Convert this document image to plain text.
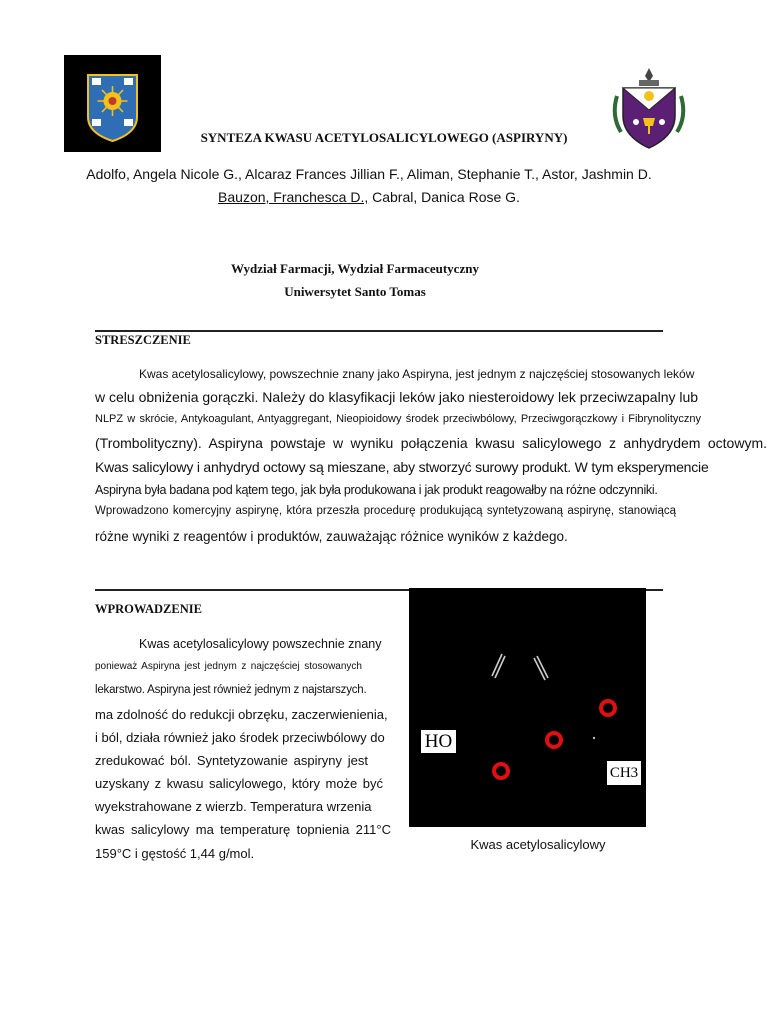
SYNTEZA KWASU ACETYLOSALICYLOWEGO (ASPIRYNY)
Adolfo, Angela Nicole G., Alcaraz Frances Jillian F., Aliman, Stephanie T., Astor, Jashmin D.
Bauzon, Franchesca D., Cabral, Danica Rose G.
Wydział Farmacji, Wydział Farmaceutyczny
Uniwersytet Santo Tomas
STRESZCZENIE
Kwas acetylosalicylowy, powszechnie znany jako Aspiryna, jest jednym z najczęściej stosowanych leków
w celu obniżenia gorączki. Należy do klasyfikacji leków jako niesteroidowy lek przeciwzapalny lub
NLPZ w skrócie, Antykoagulant, Antyaggregant, Nieopioidowy środek przeciwbólowy, Przeciwgorączkowy i Fibrynolityczny
(Trombolityczny). Aspiryna powstaje w wyniku połączenia kwasu salicylowego z anhydrydem octowym.
Kwas salicylowy i anhydryd octowy są mieszane, aby stworzyć surowy produkt. W tym eksperymencie
Aspiryna była badana pod kątem tego, jak była produkowana i jak produkt reagowałby na różne odczynniki.
Wprowadzono komercyjny aspirynę, która przeszła procedurę produkującą syntetyzowaną aspirynę, stanowiącą
różne wyniki z reagentów i produktów, zauważając różnice wyników z każdego.
WPROWADZENIE
Kwas acetylosalicylowy powszechnie znany
ponieważ Aspiryna jest jednym z najczęściej stosowanych
lekarstwo. Aspiryna jest również jednym z najstarszych.
ma zdolność do redukcji obrzęku, zaczerwienienia,
i ból, działa również jako środek przeciwbólowy do
zredukować ból. Syntetyzowanie aspiryny jest
uzyskany z kwasu salicylowego, który może być
wyekstrahowane z wierzb. Temperatura wrzenia
kwas salicylowy ma temperaturę topnienia 211°C
159°C i gęstość 1,44 g/mol.
HO
CH3
Kwas acetylosalicylowy
